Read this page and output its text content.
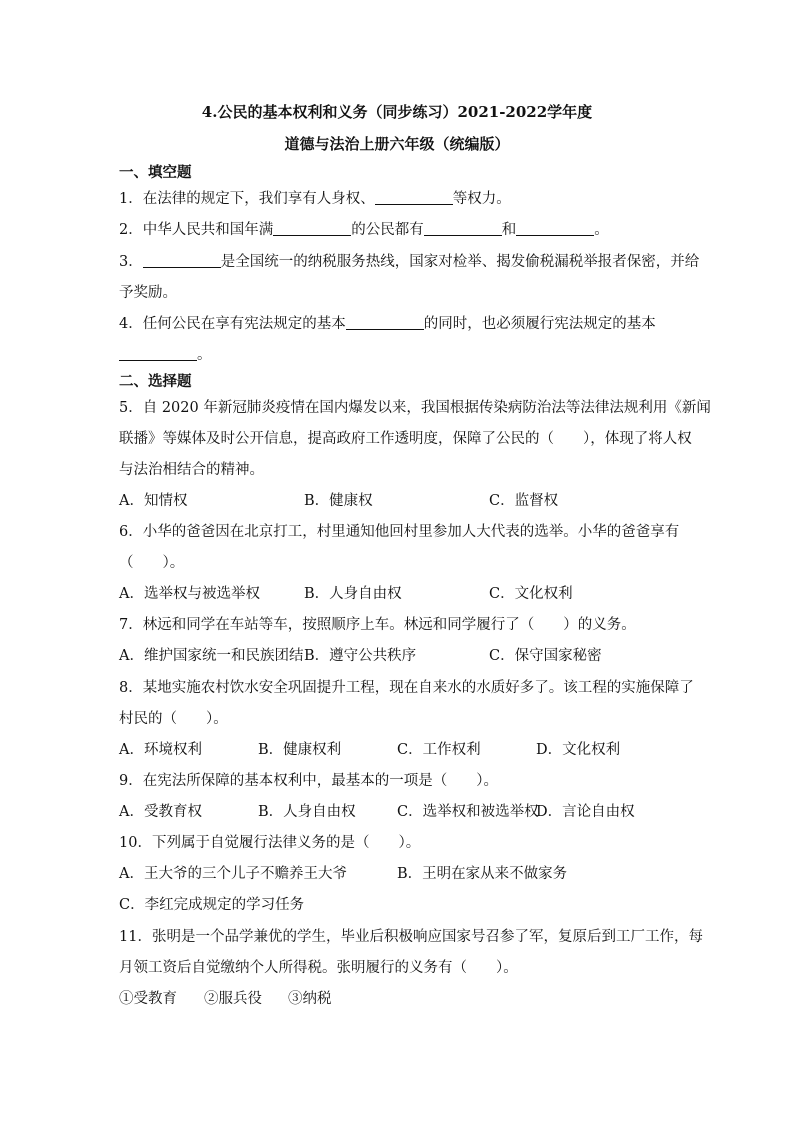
4.公民的基本权利和义务（同步练习）2021-2022学年度
道德与法治上册六年级（统编版）
一、填空题
1．在法律的规定下，我们享有人身权、	等权力。
2．中华人民共和国年满	的公民都有	和	。
3．	是全国统一的纳税服务热线，国家对检举、揭发偷税漏税举报者保密，并给
予奖励。
4．任何公民在享有宪法规定的基本	的同时，也必须履行宪法规定的基本
。
二、选择题
5．自 2020 年新冠肺炎疫情在国内爆发以来，我国根据传染病防治法等法律法规利用《新闻
联播》等媒体及时公开信息，提高政府工作透明度，保障了公民的（　　），体现了将人权
与法治相结合的精神。
A．知情权	B．健康权	C．监督权
6．小华的爸爸因在北京打工，村里通知他回村里参加人大代表的选举。小华的爸爸享有
（　　）。
A．选举权与被选举权	B．人身自由权	C．文化权利
7．林远和同学在车站等车，按照顺序上车。林远和同学履行了（　　）的义务。
A．维护国家统一和民族团结 B．遵守公共秩序	C．保守国家秘密
8．某地实施农村饮水安全巩固提升工程，现在自来水的水质好多了。该工程的实施保障了
村民的（　　）。
A．环境权利	B．健康权利	C．工作权利	D．文化权利
9．在宪法所保障的基本权利中，最基本的一项是（　　）。
A．受教育权	B．人身自由权	C．选举权和被选举权
D．言论自由权
10．下列属于自觉履行法律义务的是（　　）。
A．王大爷的三个儿子不赡养王大爷	B．王明在家从来不做家务
C．李红完成规定的学习任务
11．张明是一个品学兼优的学生，毕业后积极响应国家号召参了军，复原后到工厂工作，每
月领工资后自觉缴纳个人所得税。张明履行的义务有（　　）。
①受教育 ②服兵役 ③纳税
